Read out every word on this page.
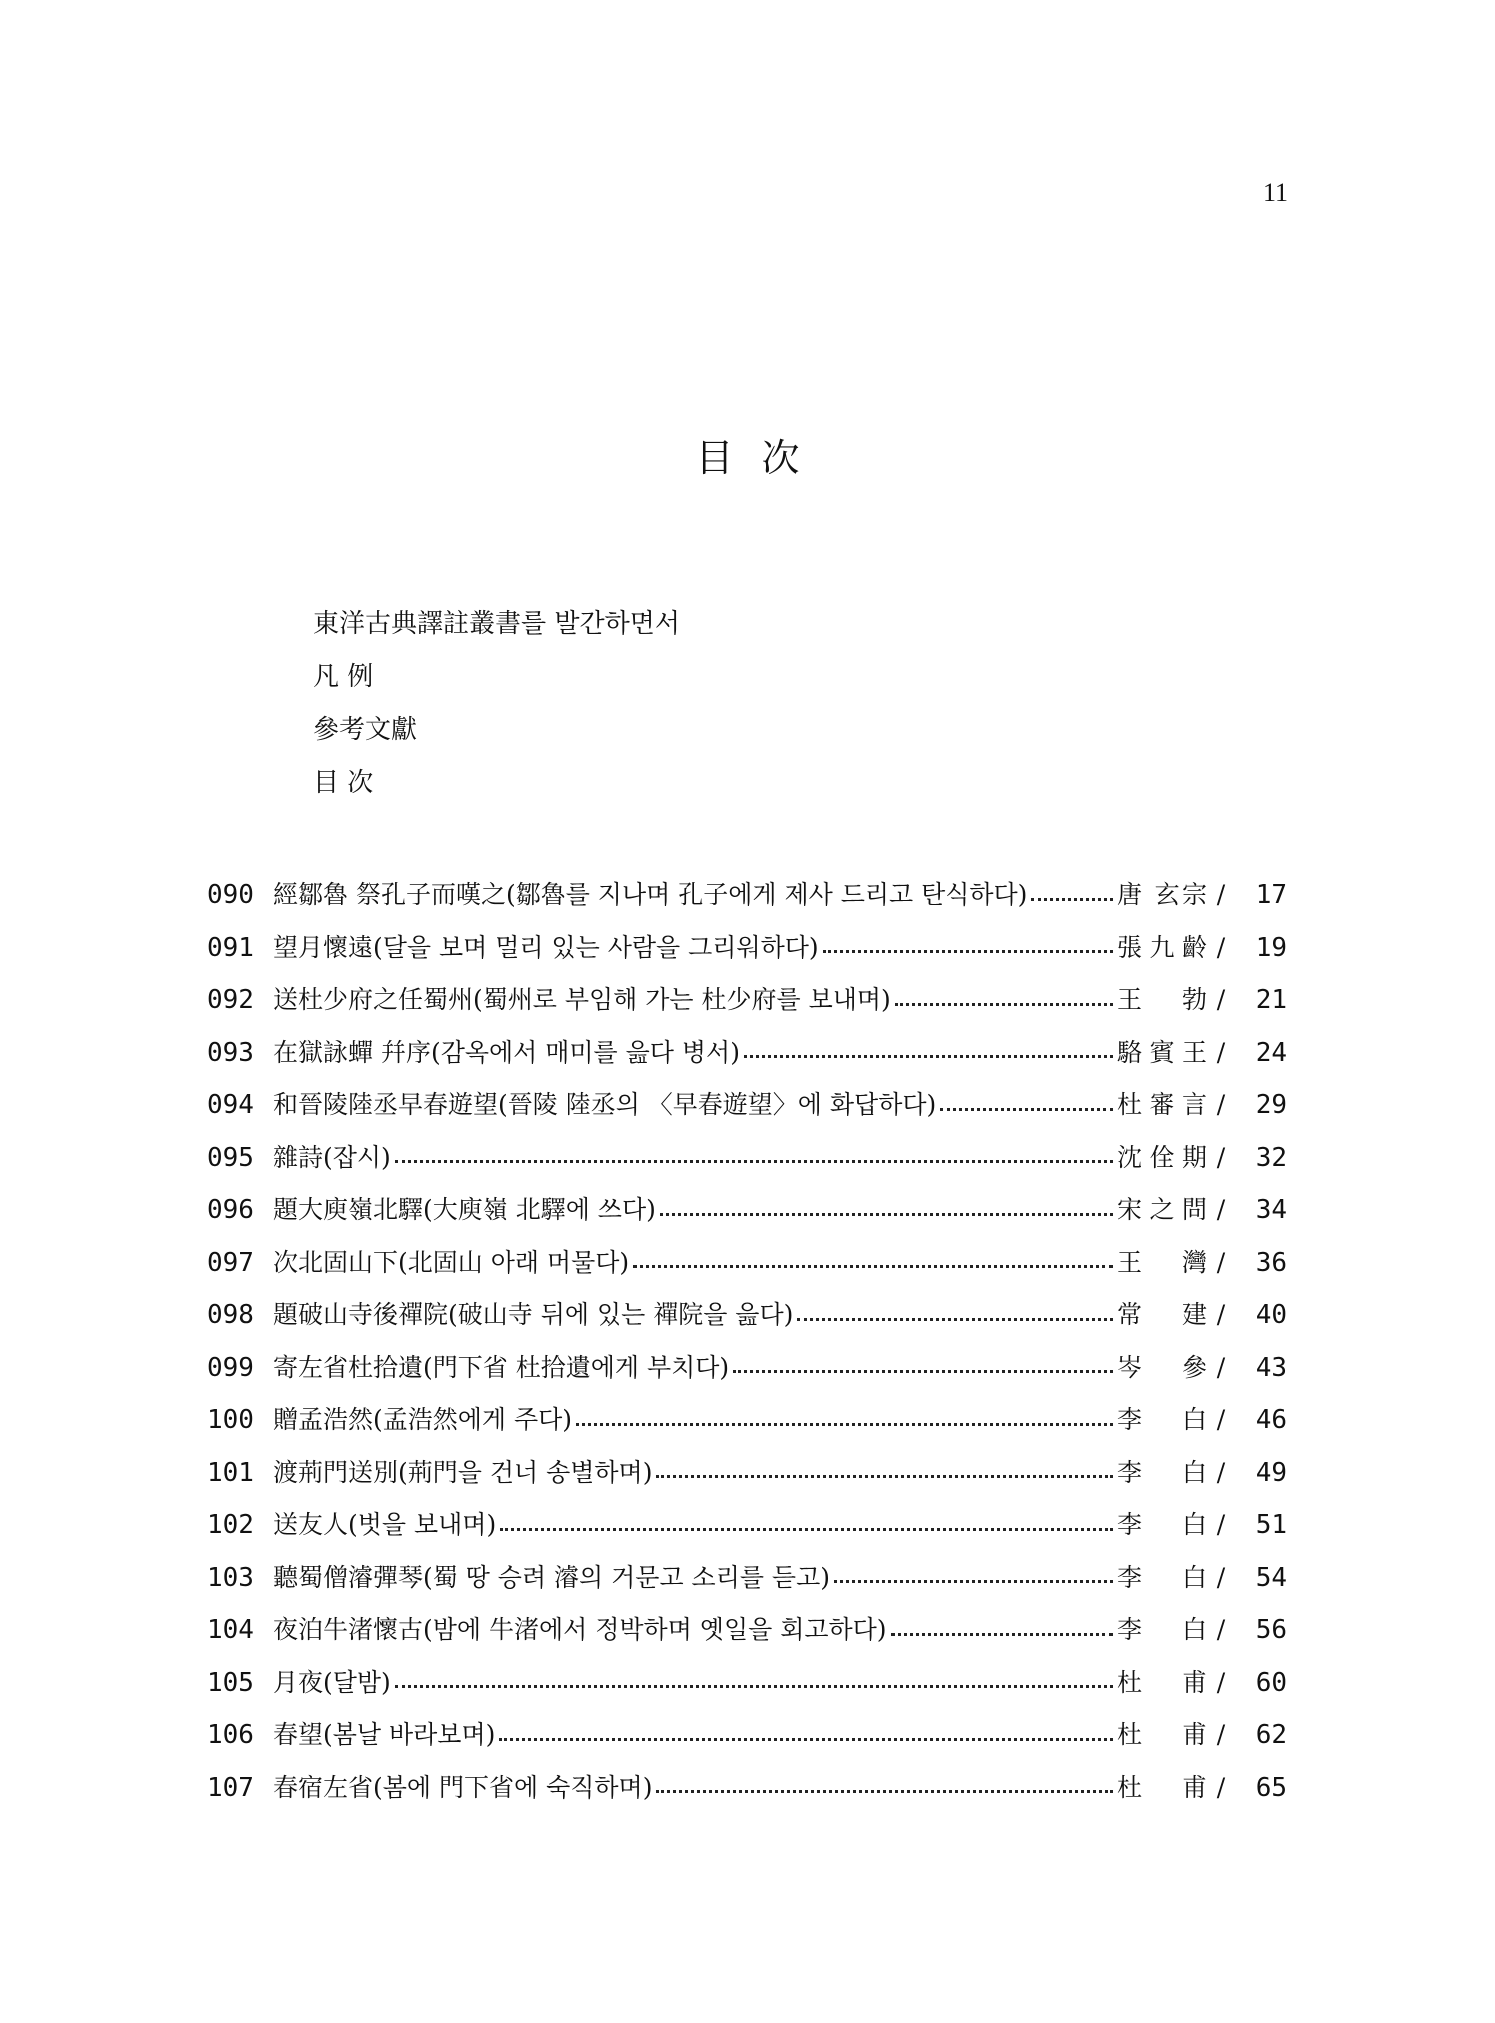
11
目次
東洋古典譯註叢書를 발간하면서
凡 例
參考文獻
目 次
090 經鄒魯 祭孔子而嘆之(鄒魯를 지나며 孔子에게 제사 드리고 탄식하다)	唐 玄宗 /	17
091 望月懷遠(달을 보며 멀리 있는 사람을 그리워하다)	張九齡 /	19
092 送杜少府之任蜀州(蜀州로 부임해 가는 杜少府를 보내며)	王 勃 /	21
093 在獄詠蟬 幷序(감옥에서 매미를 읊다 병서)	駱賓王 /	24
094 和晉陵陸丞早春遊望(晉陵 陸丞의 〈早春遊望〉에 화답하다)	杜審言 /	29
095 雜詩(잡시)	沈佺期 /	32
096 題大庾嶺北驛(大庾嶺 北驛에 쓰다)	宋之問 /	34
097 次北固山下(北固山 아래 머물다)	王 灣 /	36
098 題破山寺後禪院(破山寺 뒤에 있는 禪院을 읊다)	常 建 /	40
099 寄左省杜拾遺(門下省 杜拾遺에게 부치다)	岑 參 /	43
100 贈孟浩然(孟浩然에게 주다)	李 白 /	46
101 渡荊門送別(荊門을 건너 송별하며)	李 白 /	49
102 送友人(벗을 보내며)	李 白 /	51
103 聽蜀僧濬彈琴(蜀 땅 승려 濬의 거문고 소리를 듣고)	李 白 /	54
104 夜泊牛渚懷古(밤에 牛渚에서 정박하며 옛일을 회고하다)	李 白 /	56
105 月夜(달밤)	杜 甫 /	60
106 春望(봄날 바라보며)	杜 甫 /	62
107 春宿左省(봄에 門下省에 숙직하며)	杜 甫 /	65
